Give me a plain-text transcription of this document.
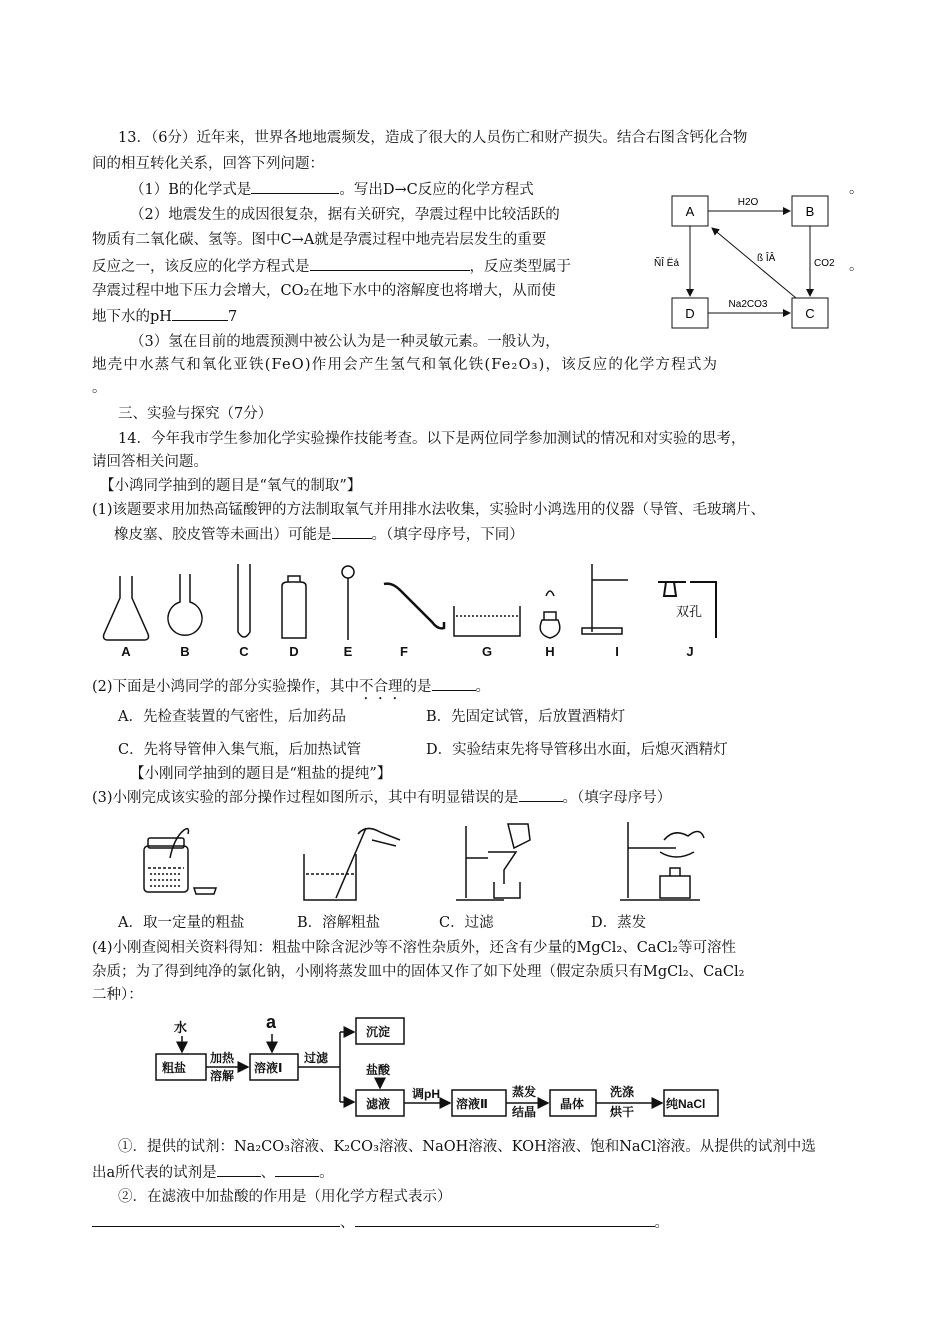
13．（6分）近年来，世界各地地震频发，造成了很大的人员伤亡和财产损失。结合右图含钙化合物
间的相互转化关系，回答下列问题：
（1）B的化学式是	。写出D→C反应的化学方程式	。
（2）地震发生的成因很复杂，据有关研究，孕震过程中比较活跃的
物质有二氧化碳、氢等。图中C→A就是孕震过程中地壳岩层发生的重要
反应之一，该反应的化学方程式是	，反应类型属于	。
孕震过程中地下压力会增大，CO₂在地下水中的溶解度也将增大，从而使
地下水的pH	7
（3）氢在目前的地震预测中被公认为是一种灵敏元素。一般认为，
地壳中水蒸气和氧化亚铁(FeO)作用会产生氢气和氧化铁(Fe₂O₃)，该反应的化学方程式为
。
A	B
D	C
H2O
CO2
ÑÎ Ëá
Na2CO3
ß ÎÂ
三、实验与探究（7分）
14．今年我市学生参加化学实验操作技能考查。以下是两位同学参加测试的情况和对实验的思考，
请回答相关问题。
【小鸿同学抽到的题目是“氧气的制取”】
(1)该题要求用加热高锰酸钾的方法制取氧气并用排水法收集，实验时小鸿选用的仪器（导管、毛玻璃片、
橡皮塞、胶皮管等未画出）可能是	。（填字母序号，下同）
双孔
A	B	C	D	E	F	G	H	I	J
(2)下面是小鸿同学的部分实验操作，其中不合理的是	。
A．先检查装置的气密性，后加药品	B．先固定试管，后放置酒精灯
C．先将导管伸入集气瓶，后加热试管	D．实验结束先将导管移出水面，后熄灭酒精灯
【小刚同学抽到的题目是“粗盐的提纯”】
(3)小刚完成该实验的部分操作过程如图所示，其中有明显错误的是	。（填字母序号）
A．取一定量的粗盐	B．溶解粗盐	C．过滤	D．蒸发
(4)小刚查阅相关资料得知：粗盐中除含泥沙等不溶性杂质外，还含有少量的MgCl₂、CaCl₂等可溶性
杂质；为了得到纯净的氯化钠，小刚将蒸发皿中的固体又作了如下处理（假定杂质只有MgCl₂、CaCl₂
二种）：
水	a
粗盐
加热
溶解
溶液Ⅰ
过滤
沉淀
盐酸
滤液
调pH
溶液Ⅱ
蒸发
结晶
晶体
洗涤
烘干
纯NaCl
①．提供的试剂：Na₂CO₃溶液、K₂CO₃溶液、NaOH溶液、KOH溶液、饱和NaCl溶液。从提供的试剂中选
出a所代表的试剂是	、	。
②．在滤液中加盐酸的作用是（用化学方程式表示）
、	。
